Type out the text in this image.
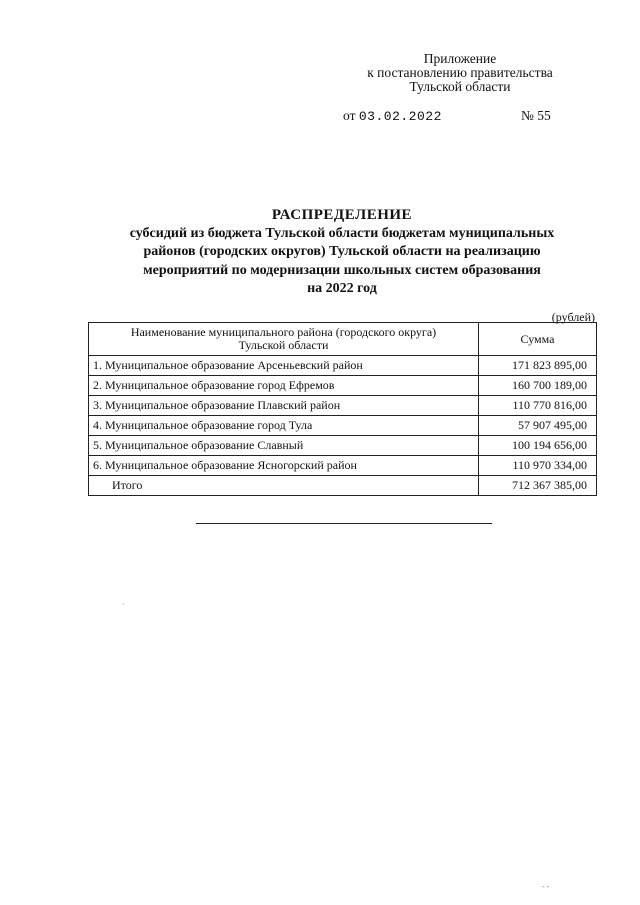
Приложение
к постановлению правительства
Тульской области
от 03.02.2022	№ 55
РАСПРЕДЕЛЕНИЕ
субсидий из бюджета Тульской области бюджетам муниципальных
районов (городских округов) Тульской области на реализацию
мероприятий по модернизации школьных систем образования
на 2022 год
(рублей)
Наименование муниципального района (городского округа)
Тульской области	Сумма
1. Муниципальное образование Арсеньевский район	171 823 895,00
2. Муниципальное образование город Ефремов	160 700 189,00
3. Муниципальное образование Плавский район	110 770 816,00
4. Муниципальное образование город Тула	57 907 495,00
5. Муниципальное образование Славный	100 194 656,00
6. Муниципальное образование Ясногорский район	110 970 334,00
Итого	712 367 385,00
·
- -
